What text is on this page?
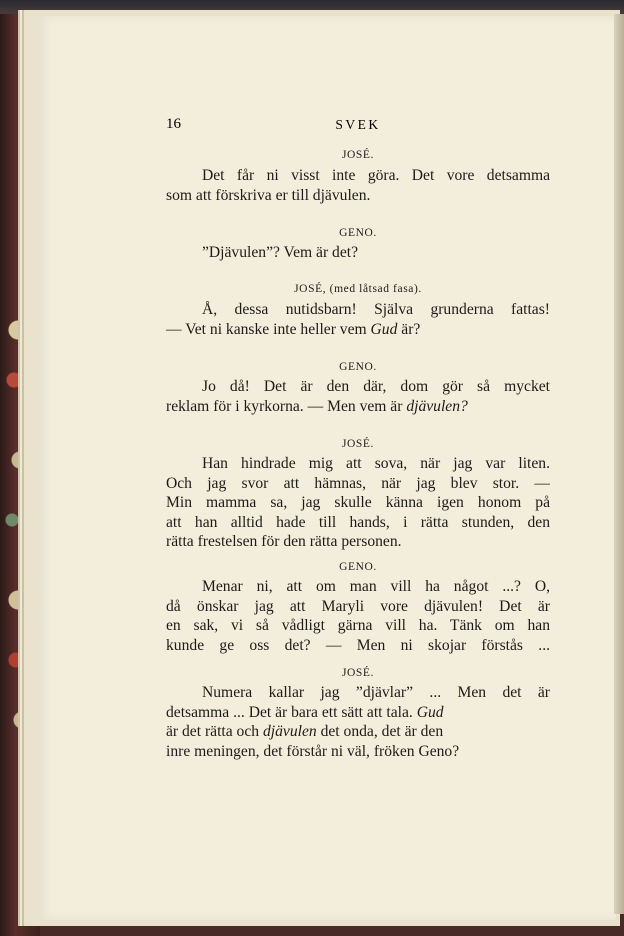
16	SVEK
JOSÉ.
Det får ni visst inte göra. Det vore detsamma
som att förskriva er till djävulen.
GENO.
”Djävulen”? Vem är det?
JOSÉ, (med låtsad fasa).
Å, dessa nutidsbarn! Själva grunderna fattas!
— Vet ni kanske inte heller vem Gud är?
GENO.
Jo då! Det är den där, dom gör så mycket
reklam för i kyrkorna. — Men vem är djävulen?
JOSÉ.
Han hindrade mig att sova, när jag var liten.
Och jag svor att hämnas, när jag blev stor. —
Min mamma sa, jag skulle känna igen honom på
att han alltid hade till hands, i rätta stunden, den
rätta frestelsen för den rätta personen.
GENO.
Menar ni, att om man vill ha något ...? O,
då önskar jag att Maryli vore djävulen! Det är
en sak, vi så vådligt gärna vill ha. Tänk om han
kunde ge oss det? — Men ni skojar förstås ...
JOSÉ.
Numera kallar jag ”djävlar” ... Men det är
detsamma ... Det är bara ett sätt att tala. Gud
är det rätta och djävulen det onda, det är den
inre meningen, det förstår ni väl, fröken Geno?
